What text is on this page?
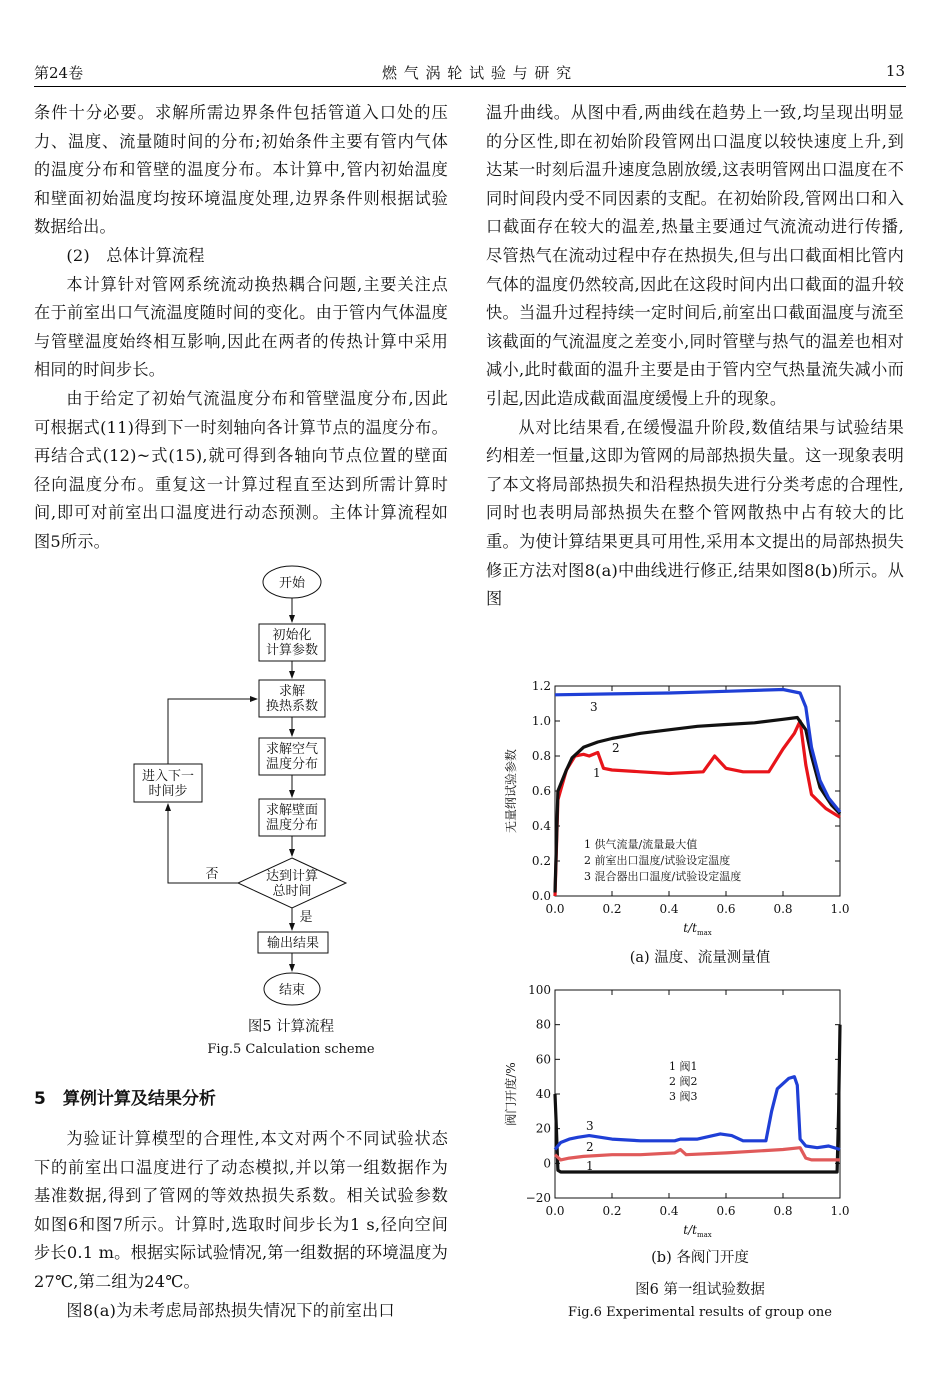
第24卷	燃 气 涡 轮 试 验 与 研 究	13

条件十分必要。求解所需边界条件包括管道入口处的压力、温度、流量随时间的分布;初始条件主要有管内气体的温度分布和管壁的温度分布。本计算中,管内初始温度和壁面初始温度均按环境温度处理,边界条件则根据试验数据给出。

(2)　总体计算流程

本计算针对管网系统流动换热耦合问题,主要关注点在于前室出口气流温度随时间的变化。由于管内气体温度与管壁温度始终相互影响,因此在两者的传热计算中采用相同的时间步长。

由于给定了初始气流温度分布和管壁温度分布,因此可根据式(11)得到下一时刻轴向各计算节点的温度分布。再结合式(12)~式(15),就可得到各轴向节点位置的壁面径向温度分布。重复这一计算过程直至达到所需计算时间,即可对前室出口温度进行动态预测。主体计算流程如图5所示。

开始
初始化
计算参数
求解
换热系数
求解空气
温度分布
求解壁面
温度分布
达到计算
总时间
进入下一
时间步
否
是
输出结果
结束
图5 计算流程
Fig.5 Calculation scheme
5　算例计算及结果分析

为验证计算模型的合理性,本文对两个不同试验状态下的前室出口温度进行了动态模拟,并以第一组数据作为基准数据,得到了管网的等效热损失系数。相关试验参数如图6和图7所示。计算时,选取时间步长为1 s,径向空间步长0.1 m。根据实际试验情况,第一组数据的环境温度为27℃,第二组为24℃。

图8(a)为未考虑局部热损失情况下的前室出口

温升曲线。从图中看,两曲线在趋势上一致,均呈现出明显的分区性,即在初始阶段管网出口温度以较快速度上升,到达某一时刻后温升速度急剧放缓,这表明管网出口温度在不同时间段内受不同因素的支配。在初始阶段,管网出口和入口截面存在较大的温差,热量主要通过气流流动进行传播,尽管热气在流动过程中存在热损失,但与出口截面相比管内气体的温度仍然较高,因此在这段时间内出口截面的温升较快。当温升过程持续一定时间后,前室出口截面温度与流至该截面的气流温度之差变小,同时管壁与热气的温差也相对减小,此时截面的温升主要是由于管内空气热量流失减小而引起,因此造成截面温度缓慢上升的现象。

从对比结果看,在缓慢温升阶段,数值结果与试验结果约相差一恒量,这即为管网的局部热损失量。这一现象表明了本文将局部热损失和沿程热损失进行分类考虑的合理性,同时也表明局部热损失在整个管网散热中占有较大的比重。为使计算结果更具可用性,采用本文提出的局部热损失修正方法对图8(a)中曲线进行修正,结果如图8(b)所示。从图

0.0	0.2	0.4	0.6	0.8	1.0
0.0
0.2
0.4
0.6
0.8
1.0
1.2
$t/t_{max}$
无量纲试验参数	1
2
3
1 供气流量/流量最大值
2 前室出口温度/试验设定温度
3 混合器出口温度/试验设定温度
(a) 温度、流量测量值
0.0	0.2	0.4	0.6	0.8	1.0
−20
0
20
40
60
80
100
$t/t_{max}$
阀门开度/%
1
2
3
1 阀1
2 阀2
3 阀3
(b) 各阀门开度
图6 第一组试验数据
Fig.6 Experimental results of group one
